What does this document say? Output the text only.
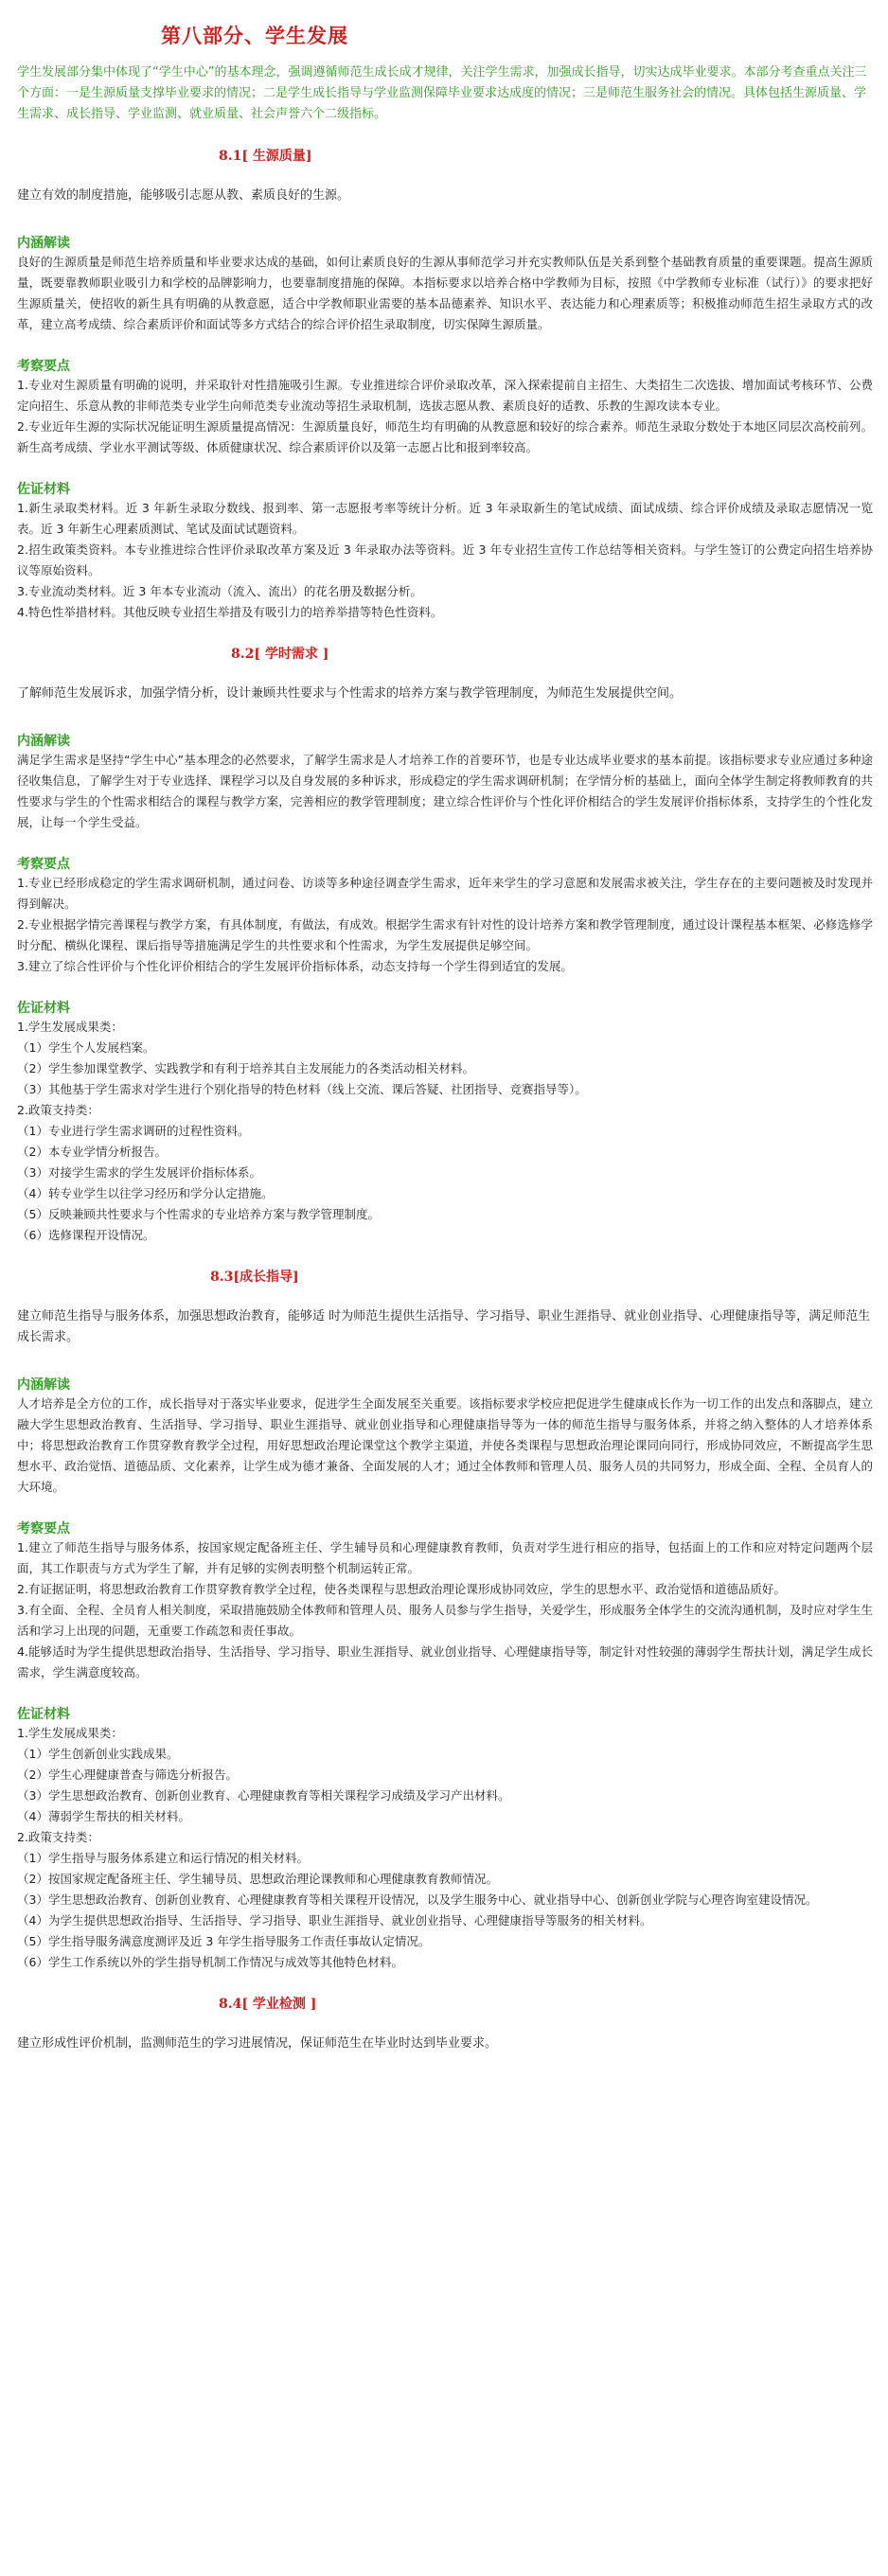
第八部分、学生发展

学生发展部分集中体现了“学生中心”的基本理念，强调遵循师范生成长成才规律，关注学生需求，加强成长指导，切实达成毕业要求。本部分考查重点关注三个方面：一是生源质量支撑毕业要求的情况；二是学生成长指导与学业监测保障毕业要求达成度的情况；三是师范生服务社会的情况。具体包括生源质量、学生需求、成长指导、学业监测、就业质量、社会声誉六个二级指标。

8.1[ 生源质量]

建立有效的制度措施，能够吸引志愿从教、素质良好的生源。

内涵解读

良好的生源质量是师范生培养质量和毕业要求达成的基础，如何让素质良好的生源从事师范学习并充实教师队伍是关系到整个基础教育质量的重要课题。提高生源质量，既要靠教师职业吸引力和学校的品牌影响力，也要靠制度措施的保障。本指标要求以培养合格中学教师为目标，按照《中学教师专业标准（试行）》的要求把好生源质量关，使招收的新生具有明确的从教意愿，适合中学教师职业需要的基本品德素养、知识水平、表达能力和心理素质等；积极推动师范生招生录取方式的改革，建立高考成绩、综合素质评价和面试等多方式结合的综合评价招生录取制度，切实保障生源质量。

考察要点

1.专业对生源质量有明确的说明，并采取针对性措施吸引生源。专业推进综合评价录取改革，深入探索提前自主招生、大类招生二次选拔、增加面试考核环节、公费定向招生、乐意从教的非师范类专业学生向师范类专业流动等招生录取机制，选拔志愿从教、素质良好的适教、乐教的生源攻读本专业。

2.专业近年生源的实际状况能证明生源质量提高情况：生源质量良好，师范生均有明确的从教意愿和较好的综合素养。师范生录取分数处于本地区同层次高校前列。新生高考成绩、学业水平测试等级、体质健康状况、综合素质评价以及第一志愿占比和报到率较高。

佐证材料

1.新生录取类材料。近 3 年新生录取分数线、报到率、第一志愿报考率等统计分析。近 3 年录取新生的笔试成绩、面试成绩、综合评价成绩及录取志愿情况一览表。近 3 年新生心理素质测试、笔试及面试试题资料。

2.招生政策类资料。本专业推进综合性评价录取改革方案及近 3 年录取办法等资料。近 3 年专业招生宣传工作总结等相关资料。与学生签订的公费定向招生培养协议等原始资料。

3.专业流动类材料。近 3 年本专业流动（流入、流出）的花名册及数据分析。

4.特色性举措材料。其他反映专业招生举措及有吸引力的培养举措等特色性资料。

8.2[ 学时需求 ]

了解师范生发展诉求，加强学情分析，设计兼顾共性要求与个性需求的培养方案与教学管理制度，为师范生发展提供空间。

内涵解读

满足学生需求是坚持“学生中心”基本理念的必然要求，了解学生需求是人才培养工作的首要环节，也是专业达成毕业要求的基本前提。该指标要求专业应通过多种途径收集信息，了解学生对于专业选择、课程学习以及自身发展的多种诉求，形成稳定的学生需求调研机制；在学情分析的基础上，面向全体学生制定将教师教育的共性要求与学生的个性需求相结合的课程与教学方案，完善相应的教学管理制度；建立综合性评价与个性化评价相结合的学生发展评价指标体系，支持学生的个性化发展，让每一个学生受益。

考察要点

1.专业已经形成稳定的学生需求调研机制，通过问卷、访谈等多种途径调查学生需求，近年来学生的学习意愿和发展需求被关注，学生存在的主要问题被及时发现并得到解决。

2.专业根据学情完善课程与教学方案，有具体制度，有做法，有成效。根据学生需求有针对性的设计培养方案和教学管理制度，通过设计课程基本框架、必修选修学时分配、横纵化课程、课后指导等措施满足学生的共性要求和个性需求，为学生发展提供足够空间。

3.建立了综合性评价与个性化评价相结合的学生发展评价指标体系，动态支持每一个学生得到适宜的发展。

佐证材料

1.学生发展成果类：

（1）学生个人发展档案。

（2）学生参加课堂教学、实践教学和有利于培养其自主发展能力的各类活动相关材料。

（3）其他基于学生需求对学生进行个别化指导的特色材料（线上交流、课后答疑、社团指导、竞赛指导等）。

2.政策支持类：

（1）专业进行学生需求调研的过程性资料。

（2）本专业学情分析报告。

（3）对接学生需求的学生发展评价指标体系。

（4）转专业学生以往学习经历和学分认定措施。

（5）反映兼顾共性要求与个性需求的专业培养方案与教学管理制度。

（6）选修课程开设情况。

8.3[成长指导]

建立师范生指导与服务体系，加强思想政治教育，能够适 时为师范生提供生活指导、学习指导、职业生涯指导、就业创业指导、心理健康指导等，满足师范生成长需求。

内涵解读

人才培养是全方位的工作，成长指导对于落实毕业要求，促进学生全面发展至关重要。该指标要求学校应把促进学生健康成长作为一切工作的出发点和落脚点，建立融大学生思想政治教育、生活指导、学习指导、职业生涯指导、就业创业指导和心理健康指导等为一体的师范生指导与服务体系，并将之纳入整体的人才培养体系中；将思想政治教育工作贯穿教育教学全过程，用好思想政治理论课堂这个教学主渠道，并使各类课程与思想政治理论课同向同行，形成协同效应，不断提高学生思想水平、政治觉悟、道德品质、文化素养，让学生成为德才兼备、全面发展的人才；通过全体教师和管理人员、服务人员的共同努力，形成全面、全程、全员育人的大环境。

考察要点

1.建立了师范生指导与服务体系，按国家规定配备班主任、学生辅导员和心理健康教育教师，负责对学生进行相应的指导，包括面上的工作和应对特定问题两个层面，其工作职责与方式为学生了解，并有足够的实例表明整个机制运转正常。

2.有证据证明，将思想政治教育工作贯穿教育教学全过程，使各类课程与思想政治理论课形成协同效应，学生的思想水平、政治觉悟和道德品质好。

3.有全面、全程、全员育人相关制度，采取措施鼓励全体教师和管理人员、服务人员参与学生指导，关爱学生，形成服务全体学生的交流沟通机制，及时应对学生生活和学习上出现的问题，无重要工作疏忽和责任事故。

4.能够适时为学生提供思想政治指导、生活指导、学习指导、职业生涯指导、就业创业指导、心理健康指导等，制定针对性较强的薄弱学生帮扶计划，满足学生成长需求，学生满意度较高。

佐证材料

1.学生发展成果类：

（1）学生创新创业实践成果。

（2）学生心理健康普查与筛选分析报告。

（3）学生思想政治教育、创新创业教育、心理健康教育等相关课程学习成绩及学习产出材料。

（4）薄弱学生帮扶的相关材料。

2.政策支持类：

（1）学生指导与服务体系建立和运行情况的相关材料。

（2）按国家规定配备班主任、学生辅导员、思想政治理论课教师和心理健康教育教师情况。

（3）学生思想政治教育、创新创业教育、心理健康教育等相关课程开设情况，以及学生服务中心、就业指导中心、创新创业学院与心理咨询室建设情况。

（4）为学生提供思想政治指导、生活指导、学习指导、职业生涯指导、就业创业指导、心理健康指导等服务的相关材料。

（5）学生指导服务满意度测评及近 3 年学生指导服务工作责任事故认定情况。

（6）学生工作系统以外的学生指导机制工作情况与成效等其他特色材料。

8.4[ 学业检测 ]

建立形成性评价机制，监测师范生的学习进展情况，保证师范生在毕业时达到毕业要求。
